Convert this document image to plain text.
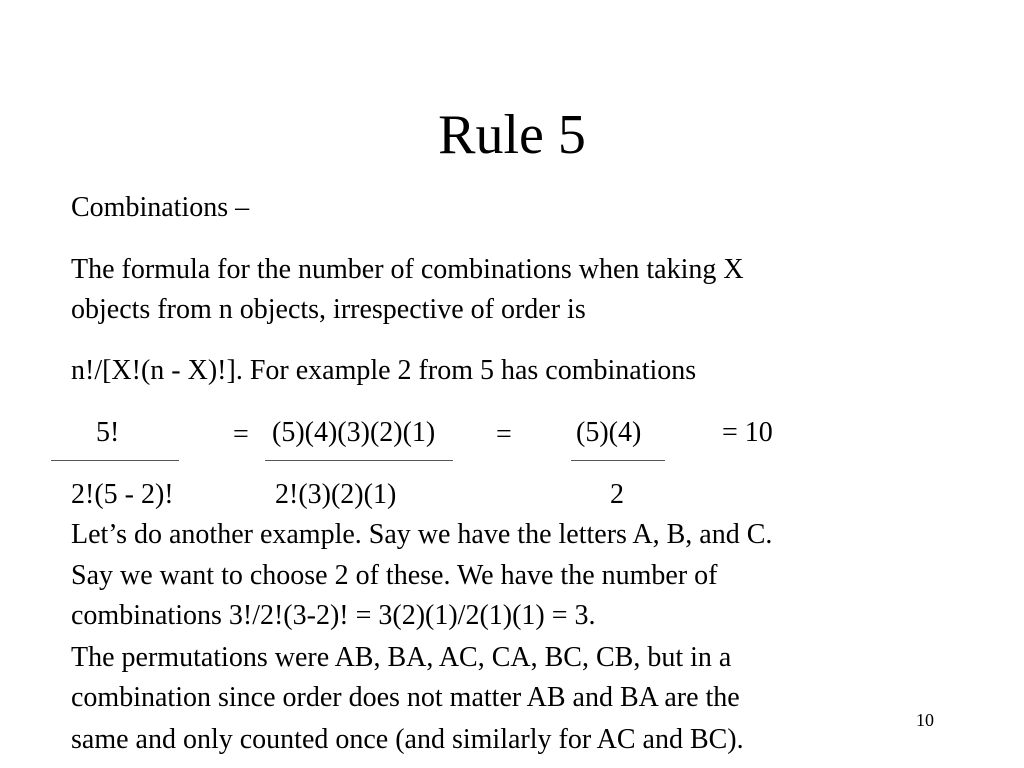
Rule 5
Combinations –
The formula for the number of combinations when taking X
objects from n objects, irrespective of order is
n!/[X!(n - X)!]. For example 2 from 5 has combinations
5!	= (5)(4)(3)(2)(1) = (5)(4)	= 10
2!(5 - 2)!	2!(3)(2)(1)	2
Let’s do another example. Say we have the letters A, B, and C.
Say we want to choose 2 of these. We have the number of
combinations 3!/2!(3-2)! = 3(2)(1)/2(1)(1) = 3.
The permutations were AB, BA, AC, CA, BC, CB, but in a
combination since order does not matter AB and BA are the
same and only counted once (and similarly for AC and BC).
10
